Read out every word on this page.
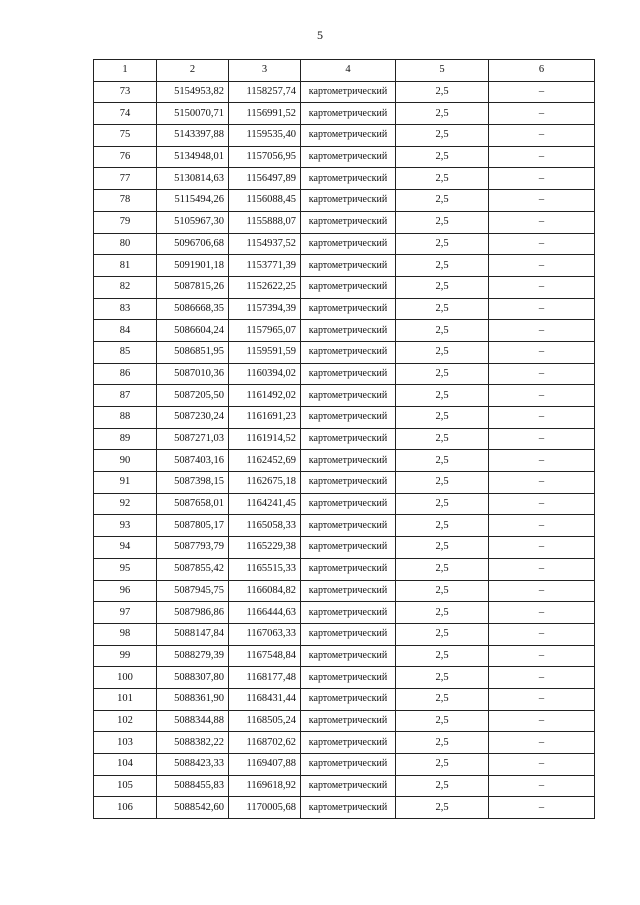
5
1	2	3	4	5	6
73	5154953,82	1158257,74	картометрический	2,5	–
74	5150070,71	1156991,52	картометрический	2,5	–
75	5143397,88	1159535,40	картометрический	2,5	–
76	5134948,01	1157056,95	картометрический	2,5	–
77	5130814,63	1156497,89	картометрический	2,5	–
78	5115494,26	1156088,45	картометрический	2,5	–
79	5105967,30	1155888,07	картометрический	2,5	–
80	5096706,68	1154937,52	картометрический	2,5	–
81	5091901,18	1153771,39	картометрический	2,5	–
82	5087815,26	1152622,25	картометрический	2,5	–
83	5086668,35	1157394,39	картометрический	2,5	–
84	5086604,24	1157965,07	картометрический	2,5	–
85	5086851,95	1159591,59	картометрический	2,5	–
86	5087010,36	1160394,02	картометрический	2,5	–
87	5087205,50	1161492,02	картометрический	2,5	–
88	5087230,24	1161691,23	картометрический	2,5	–
89	5087271,03	1161914,52	картометрический	2,5	–
90	5087403,16	1162452,69	картометрический	2,5	–
91	5087398,15	1162675,18	картометрический	2,5	–
92	5087658,01	1164241,45	картометрический	2,5	–
93	5087805,17	1165058,33	картометрический	2,5	–
94	5087793,79	1165229,38	картометрический	2,5	–
95	5087855,42	1165515,33	картометрический	2,5	–
96	5087945,75	1166084,82	картометрический	2,5	–
97	5087986,86	1166444,63	картометрический	2,5	–
98	5088147,84	1167063,33	картометрический	2,5	–
99	5088279,39	1167548,84	картометрический	2,5	–
100	5088307,80	1168177,48	картометрический	2,5	–
101	5088361,90	1168431,44	картометрический	2,5	–
102	5088344,88	1168505,24	картометрический	2,5	–
103	5088382,22	1168702,62	картометрический	2,5	–
104	5088423,33	1169407,88	картометрический	2,5	–
105	5088455,83	1169618,92	картометрический	2,5	–
106	5088542,60	1170005,68	картометрический	2,5	–
